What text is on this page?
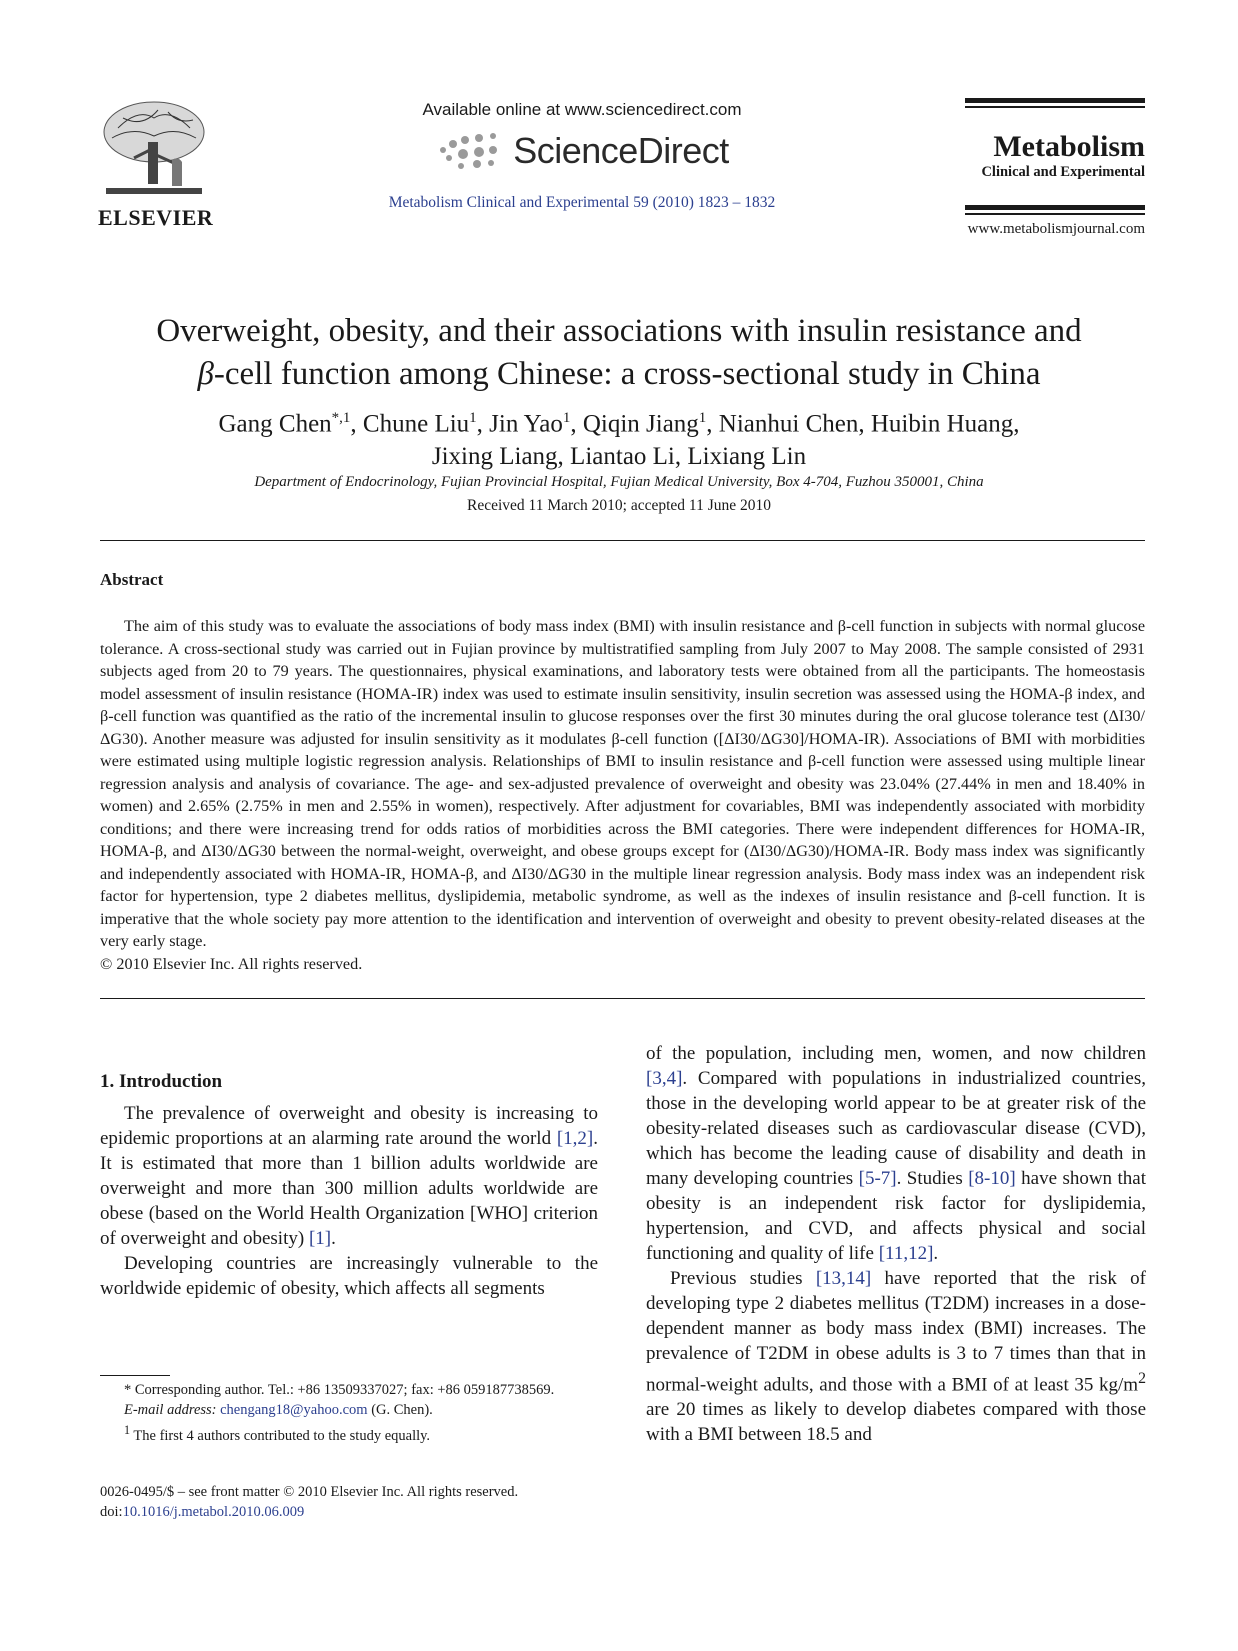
ELSEVIER
Available online at www.sciencedirect.com
ScienceDirect
Metabolism Clinical and Experimental 59 (2010) 1823 – 1832
Metabolism
Clinical and Experimental
www.metabolismjournal.com
Overweight, obesity, and their associations with insulin resistance and
β-cell function among Chinese: a cross-sectional study in China
Gang Chen$^{*,1}$, Chune Liu$^1$, Jin Yao$^1$, Qiqin Jiang$^1$, Nianhui Chen, Huibin Huang,
Jixing Liang, Liantao Li, Lixiang Lin
Department of Endocrinology, Fujian Provincial Hospital, Fujian Medical University, Box 4-704, Fuzhou 350001, China
Received 11 March 2010; accepted 11 June 2010
Abstract
The aim of this study was to evaluate the associations of body mass index (BMI) with insulin resistance and β-cell function in subjects with normal glucose tolerance. A cross-sectional study was carried out in Fujian province by multistratified sampling from July 2007 to May 2008. The sample consisted of 2931 subjects aged from 20 to 79 years. The questionnaires, physical examinations, and laboratory tests were obtained from all the participants. The homeostasis model assessment of insulin resistance (HOMA-IR) index was used to estimate insulin sensitivity, insulin secretion was assessed using the HOMA-β index, and β-cell function was quantified as the ratio of the incremental insulin to glucose responses over the first 30 minutes during the oral glucose tolerance test (ΔI30/ΔG30). Another measure was adjusted for insulin sensitivity as it modulates β-cell function ([ΔI30/ΔG30]/HOMA-IR). Associations of BMI with morbidities were estimated using multiple logistic regression analysis. Relationships of BMI to insulin resistance and β-cell function were assessed using multiple linear regression analysis and analysis of covariance. The age- and sex-adjusted prevalence of overweight and obesity was 23.04% (27.44% in men and 18.40% in women) and 2.65% (2.75% in men and 2.55% in women), respectively. After adjustment for covariables, BMI was independently associated with morbidity conditions; and there were increasing trend for odds ratios of morbidities across the BMI categories. There were independent differences for HOMA-IR, HOMA-β, and ΔI30/ΔG30 between the normal-weight, overweight, and obese groups except for (ΔI30/ΔG30)/HOMA-IR. Body mass index was significantly and independently associated with HOMA-IR, HOMA-β, and ΔI30/ΔG30 in the multiple linear regression analysis. Body mass index was an independent risk factor for hypertension, type 2 diabetes mellitus, dyslipidemia, metabolic syndrome, as well as the indexes of insulin resistance and β-cell function. It is imperative that the whole society pay more attention to the identification and intervention of overweight and obesity to prevent obesity-related diseases at the very early stage.
© 2010 Elsevier Inc. All rights reserved.
1. Introduction
The prevalence of overweight and obesity is increasing to epidemic proportions at an alarming rate around the world [1,2]. It is estimated that more than 1 billion adults worldwide are overweight and more than 300 million adults worldwide are obese (based on the World Health Organization [WHO] criterion of overweight and obesity) [1].
Developing countries are increasingly vulnerable to the worldwide epidemic of obesity, which affects all segments
of the population, including men, women, and now children [3,4]. Compared with populations in industrialized countries, those in the developing world appear to be at greater risk of the obesity-related diseases such as cardiovascular disease (CVD), which has become the leading cause of disability and death in many developing countries [5-7]. Studies [8-10] have shown that obesity is an independent risk factor for dyslipidemia, hypertension, and CVD, and affects physical and social functioning and quality of life [11,12].
Previous studies [13,14] have reported that the risk of developing type 2 diabetes mellitus (T2DM) increases in a dose-dependent manner as body mass index (BMI) increases. The prevalence of T2DM in obese adults is 3 to 7 times than that in normal-weight adults, and those with a BMI of at least 35 $kg/m^2$ are 20 times as likely to develop diabetes compared with those with a BMI between 18.5 and
* Corresponding author. Tel.: +86 13509337027; fax: +86 059187738569.
E-mail address: chengang18@yahoo.com (G. Chen).
$^1$ The first 4 authors contributed to the study equally.
0026-0495/$ – see front matter © 2010 Elsevier Inc. All rights reserved.
doi:10.1016/j.metabol.2010.06.009
